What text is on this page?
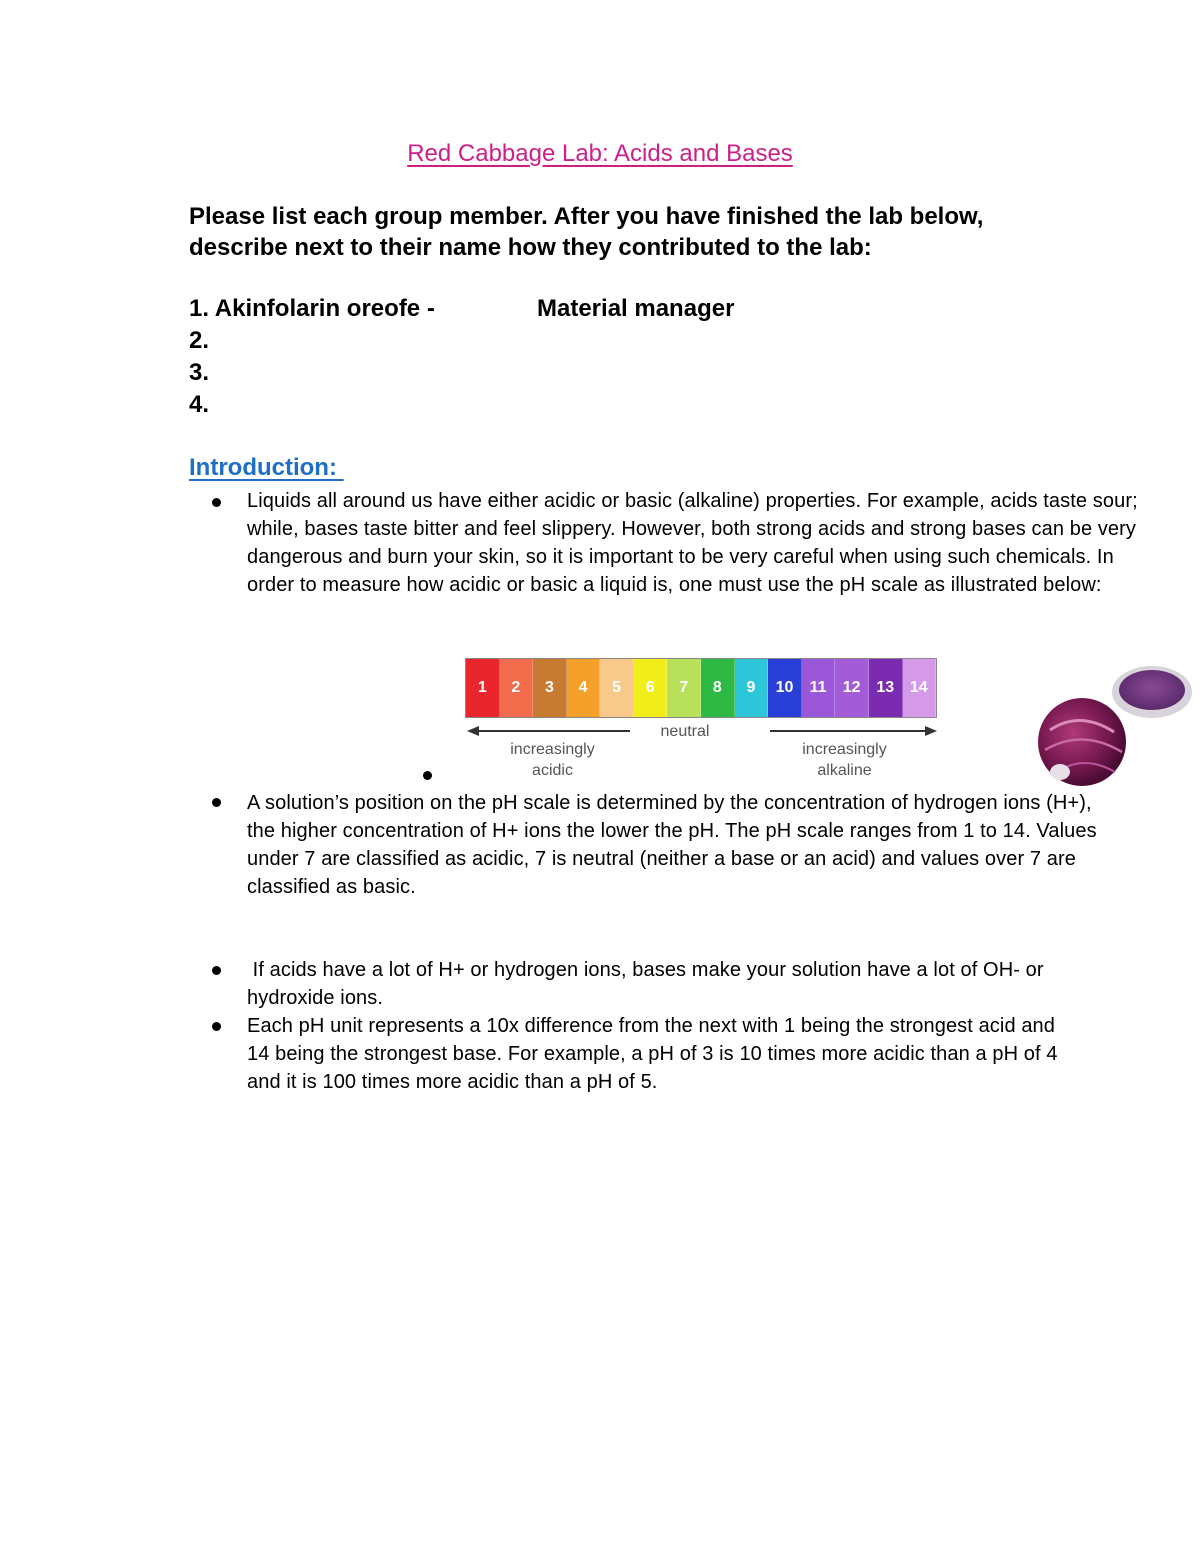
Red Cabbage Lab: Acids and Bases
Please list each group member. After you have finished the lab below, describe next to their name how they contributed to the lab:
1. Akinfolarin oreofe -	Material manager
2.
3.
4.
Introduction:
Liquids all around us have either acidic or basic (alkaline) properties. For example, acids taste sour; while, bases taste bitter and feel slippery. However, both strong acids and strong bases can be very dangerous and burn your skin, so it is important to be very careful when using such chemicals. In order to measure how acidic or basic a liquid is, one must use the pH scale as illustrated below:
1	2	3	4	5	6	7	8	9	10	11	12 13 14
neutral
increasingly
acidic
increasingly
alkaline
A solution’s position on the pH scale is determined by the concentration of hydrogen ions (H+), the higher concentration of H+ ions the lower the pH. The pH scale ranges from 1 to 14. Values under 7 are classified as acidic, 7 is neutral (neither a base or an acid) and values over 7 are classified as basic.
If acids have a lot of H+ or hydrogen ions, bases make your solution have a lot of OH- or hydroxide ions.
Each pH unit represents a 10x difference from the next with 1 being the strongest acid and 14 being the strongest base. For example, a pH of 3 is 10 times more acidic than a pH of 4 and it is 100 times more acidic than a pH of 5.
